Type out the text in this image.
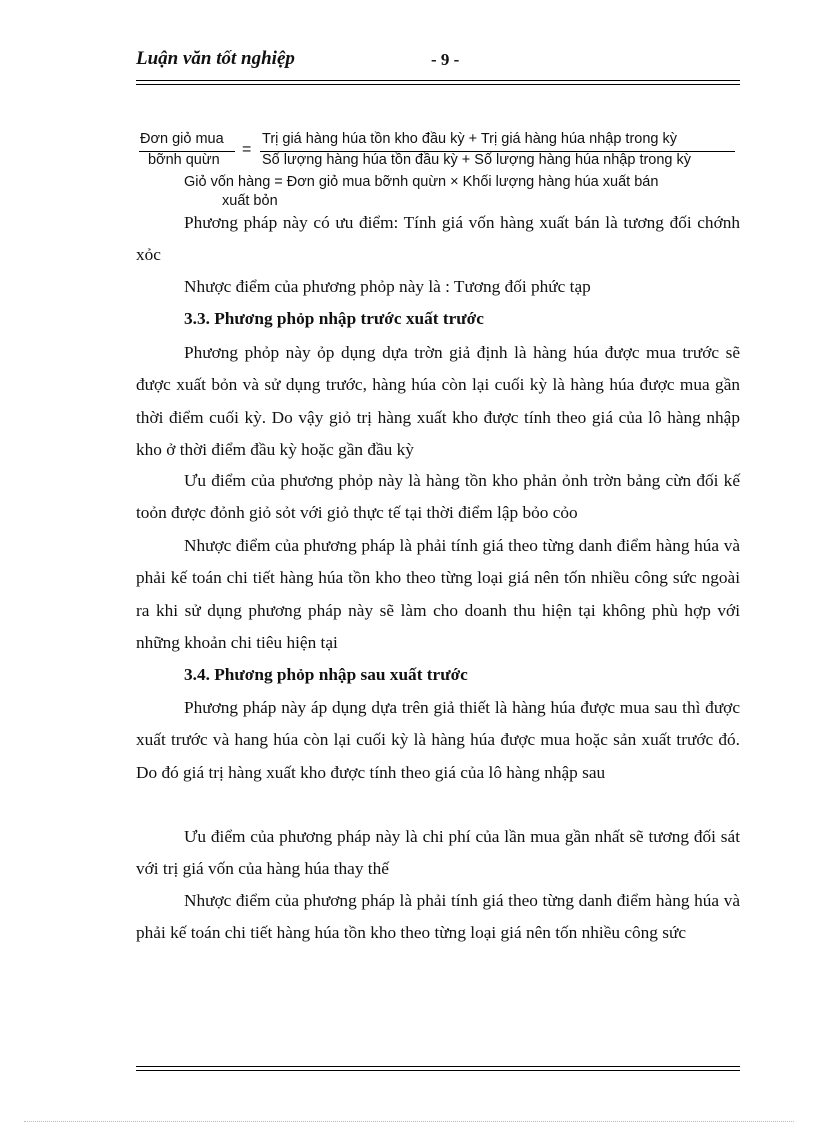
Luận văn tốt nghiệp	- 9 -
Đơn giỏ mua
bỡnh quừn
=
Trị giá hàng húa tồn kho đầu kỳ + Trị giá hàng húa nhập trong kỳ
Số lượng hàng húa tồn đầu kỳ + Số lượng hàng húa nhập trong kỳ
Giỏ vốn hàng = Đơn giỏ mua bỡnh quừn × Khối lượng hàng húa xuất bán
xuất bỏn

Phương pháp này có ưu điểm: Tính giá vốn hàng xuất bán là tương đối chớnh xỏc

Nhược điểm của phương phỏp này là : Tương đối phức tạp

3.3. Phương phỏp nhập trước xuất trước

Phương phỏp này ỏp dụng dựa trờn giả định là hàng húa được mua trước sẽ được xuất bỏn và sử dụng trước, hàng húa còn lại cuối kỳ là hàng húa được mua gần thời điểm cuối kỳ. Do vậy giỏ trị hàng xuất kho được tính theo giá của lô hàng nhập kho ở thời điểm đầu kỳ hoặc gần đầu kỳ

Ưu điểm của phương phỏp này là hàng tồn kho phản ỏnh trờn bảng cừn đối kế toỏn được đỏnh giỏ sỏt với giỏ thực tế tại thời điểm lập bỏo cỏo

Nhược điểm của phương pháp là phải tính giá theo từng danh điểm hàng húa và phải kế toán chi tiết hàng húa tồn kho theo từng loại giá nên tốn nhiều công sức ngoài ra khi sử dụng phương pháp này sẽ làm cho doanh thu hiện tại không phù hợp với những khoản chi tiêu hiện tại

3.4. Phương phỏp nhập sau xuất trước

Phương pháp này áp dụng dựa trên giả thiết là hàng húa được mua sau thì được xuất trước và hang húa còn lại cuối kỳ là hàng húa được mua hoặc sản xuất trước đó. Do đó giá trị hàng xuất kho được tính theo giá của lô hàng nhập sau

Ưu điểm của phương pháp này là chi phí của lần mua gần nhất sẽ tương đối sát với trị giá vốn của hàng húa thay thế

Nhược điểm của phương pháp là phải tính giá theo từng danh điểm hàng húa và phải kế toán chi tiết hàng húa tồn kho theo từng loại giá nên tốn nhiều công sức
